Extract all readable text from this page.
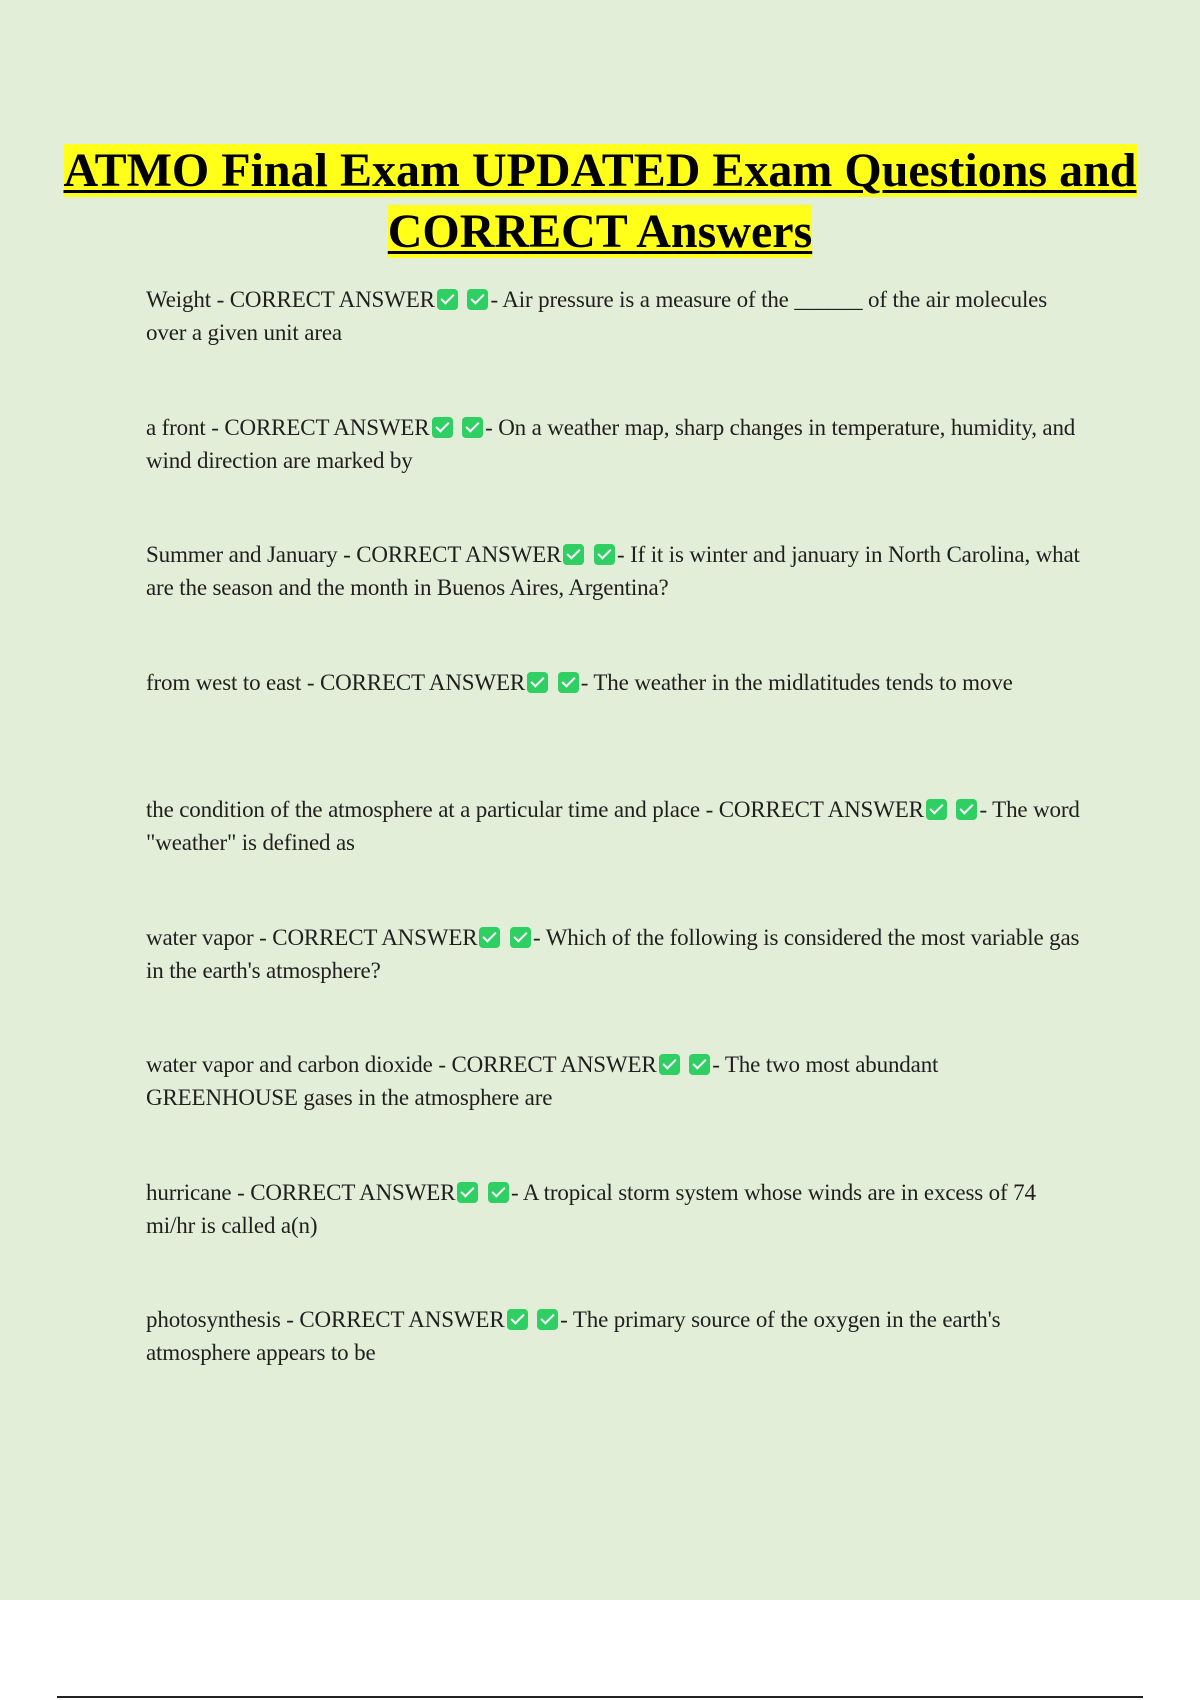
ATMO Final Exam UPDATED Exam Questions and CORRECT Answers
Weight - CORRECT ANSWER - Air pressure is a measure of the ______ of the air molecules over a given unit area
a front - CORRECT ANSWER - On a weather map, sharp changes in temperature, humidity, and wind direction are marked by
Summer and January - CORRECT ANSWER - If it is winter and january in North Carolina, what are the season and the month in Buenos Aires, Argentina?
from west to east - CORRECT ANSWER - The weather in the midlatitudes tends to move
the condition of the atmosphere at a particular time and place - CORRECT ANSWER - The word "weather" is defined as
water vapor - CORRECT ANSWER - Which of the following is considered the most variable gas in the earth's atmosphere?
water vapor and carbon dioxide - CORRECT ANSWER - The two most abundant GREENHOUSE gases in the atmosphere are
hurricane - CORRECT ANSWER - A tropical storm system whose winds are in excess of 74 mi/hr is called a(n)
photosynthesis - CORRECT ANSWER - The primary source of the oxygen in the earth's atmosphere appears to be
